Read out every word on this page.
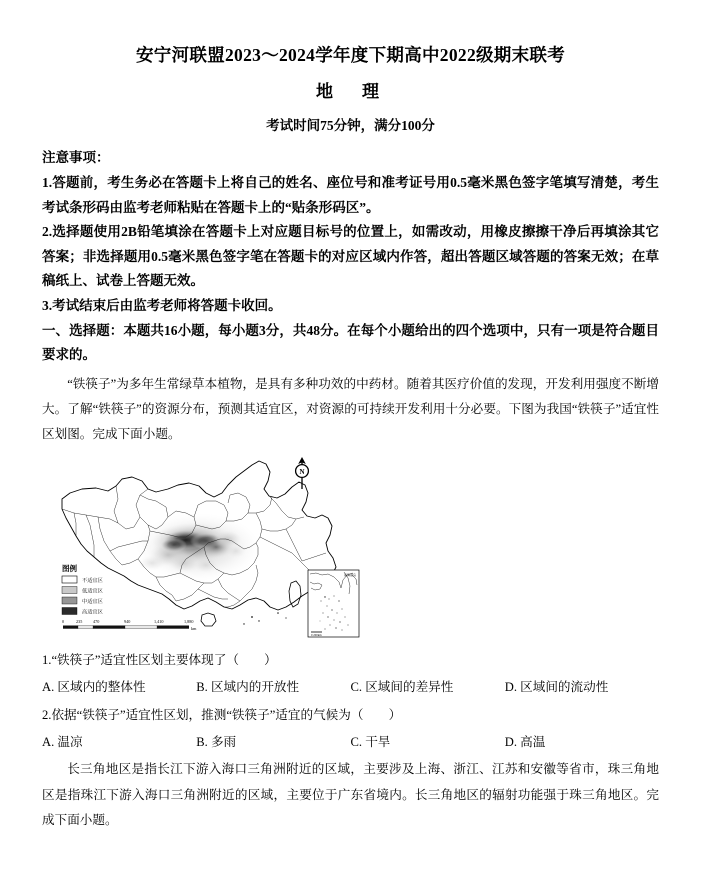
安宁河联盟2023～2024学年度下期高中2022级期末联考
地　理
考试时间75分钟，满分100分
注意事项：

1.答题前，考生务必在答题卡上将自己的姓名、座位号和准考证号用0.5毫米黑色签字笔填写清楚，考生考试条形码由监考老师粘贴在答题卡上的“贴条形码区”。

2.选择题使用2B铅笔填涂在答题卡上对应题目标号的位置上，如需改动，用橡皮擦擦干净后再填涂其它答案；非选择题用0.5毫米黑色签字笔在答题卡的对应区域内作答，超出答题区域答题的答案无效；在草稿纸上、试卷上答题无效。

3.考试结束后由监考老师将答题卡收回。

一、选择题：本题共16小题，每小题3分，共48分。在每个小题给出的四个选项中，只有一项是符合题目要求的。

“铁筷子”为多年生常绿草本植物，是具有多种功效的中药材。随着其医疗价值的发现，开发利用强度不断增大。了解“铁筷子”的资源分布，预测其适宜区，对资源的可持续开发利用十分必要。下图为我国“铁筷子”适宜性区划图。完成下面小题。

N
图例
不适宜区
低适宜区
中适宜区
高适宜区
0	235	470	940	1,410	1,880
km
0 200km
南海诸岛

1.“铁筷子”适宜性区划主要体现了（　　）

A. 区域内的整体性	B. 区域内的开放性	C. 区域间的差异性	D. 区域间的流动性

2.依据“铁筷子”适宜性区划，推测“铁筷子”适宜的气候为（　　）

A. 温凉	B. 多雨	C. 干旱	D. 高温

长三角地区是指长江下游入海口三角洲附近的区域，主要涉及上海、浙江、江苏和安徽等省市，珠三角地区是指珠江下游入海口三角洲附近的区域，主要位于广东省境内。长三角地区的辐射功能强于珠三角地区。完成下面小题。
